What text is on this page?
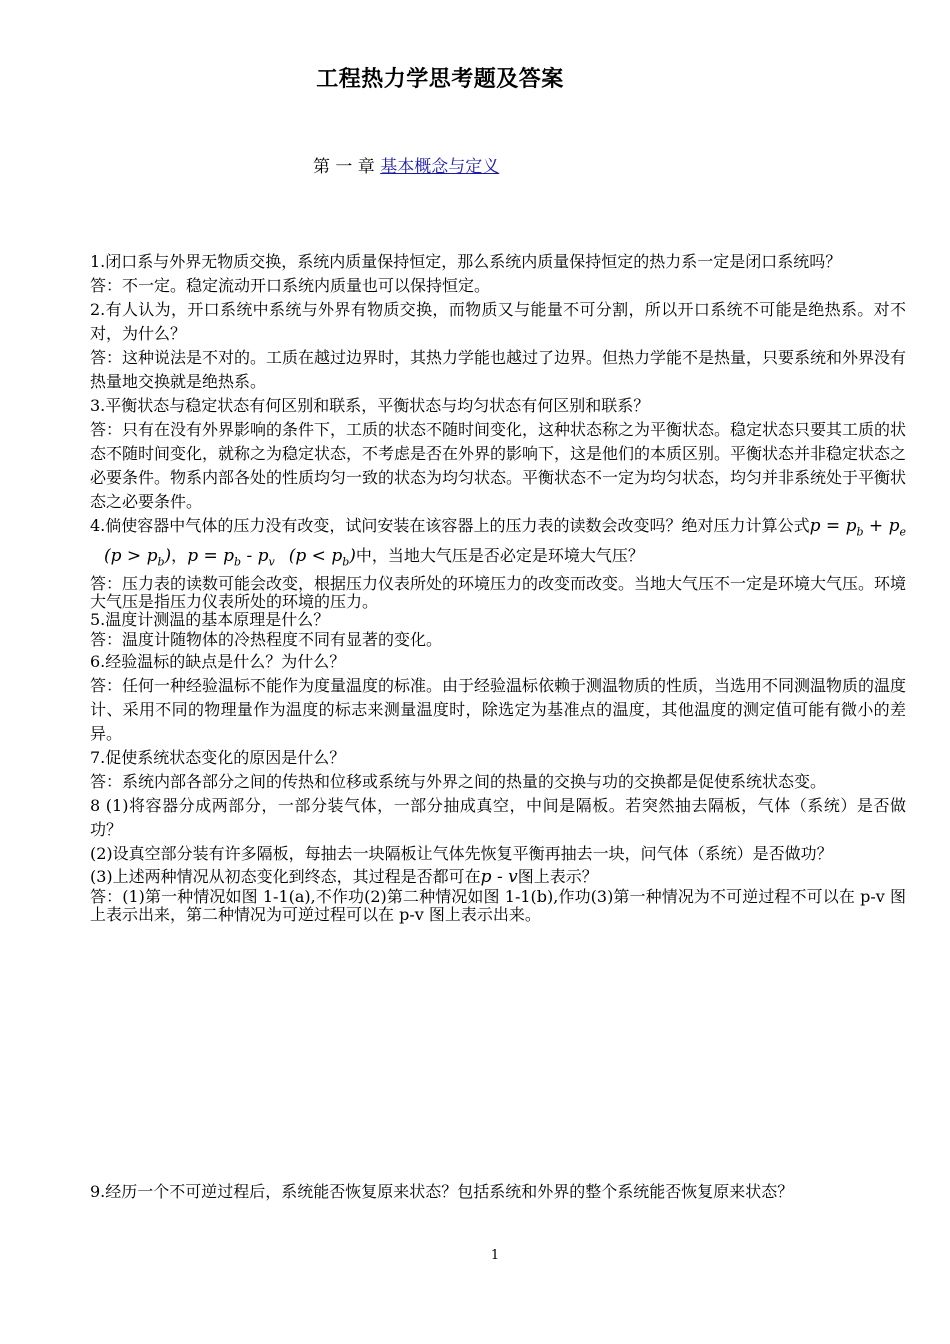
工程热力学思考题及答案
第 一 章 基本概念与定义

1.闭口系与外界无物质交换，系统内质量保持恒定，那么系统内质量保持恒定的热力系一定是闭口系统吗？

答：不一定。稳定流动开口系统内质量也可以保持恒定。

2.有人认为，开口系统中系统与外界有物质交换，而物质又与能量不可分割，所以开口系统不可能是绝热系。对不对，为什么？

答：这种说法是不对的。工质在越过边界时，其热力学能也越过了边界。但热力学能不是热量，只要系统和外界没有热量地交换就是绝热系。

3.平衡状态与稳定状态有何区别和联系，平衡状态与均匀状态有何区别和联系？

答：只有在没有外界影响的条件下，工质的状态不随时间变化，这种状态称之为平衡状态。稳定状态只要其工质的状态不随时间变化，就称之为稳定状态，不考虑是否在外界的影响下，这是他们的本质区别。平衡状态并非稳定状态之必要条件。物系内部各处的性质均匀一致的状态为均匀状态。平衡状态不一定为均匀状态，均匀并非系统处于平衡状态之必要条件。

4.倘使容器中气体的压力没有改变，试问安装在该容器上的压力表的读数会改变吗？绝对压力计算公式$p = p_b + p_e(p > p_b)$，$p = p_b - p_v$ $(p < p_b)$中，当地大气压是否必定是环境大气压？

答：压力表的读数可能会改变，根据压力仪表所处的环境压力的改变而改变。当地大气压不一定是环境大气压。环境大气压是指压力仪表所处的环境的压力。

5.温度计测温的基本原理是什么？

答：温度计随物体的冷热程度不同有显著的变化。

6.经验温标的缺点是什么？为什么？

答：任何一种经验温标不能作为度量温度的标准。由于经验温标依赖于测温物质的性质，当选用不同测温物质的温度计、采用不同的物理量作为温度的标志来测量温度时，除选定为基准点的温度，其他温度的测定值可能有微小的差异。

7.促使系统状态变化的原因是什么？

答：系统内部各部分之间的传热和位移或系统与外界之间的热量的交换与功的交换都是促使系统状态变。

8 (1)将容器分成两部分，一部分装气体，一部分抽成真空，中间是隔板。若突然抽去隔板，气体（系统）是否做功？

(2)设真空部分装有许多隔板，每抽去一块隔板让气体先恢复平衡再抽去一块，问气体（系统）是否做功？

(3)上述两种情况从初态变化到终态，其过程是否都可在p - v图上表示？

答：(1)第一种情况如图 1-1(a),不作功(2)第二种情况如图 1-1(b),作功(3)第一种情况为不可逆过程不可以在 p-v 图上表示出来，第二种情况为可逆过程可以在 p-v 图上表示出来。

9.经历一个不可逆过程后，系统能否恢复原来状态？包括系统和外界的整个系统能否恢复原来状态？

1
